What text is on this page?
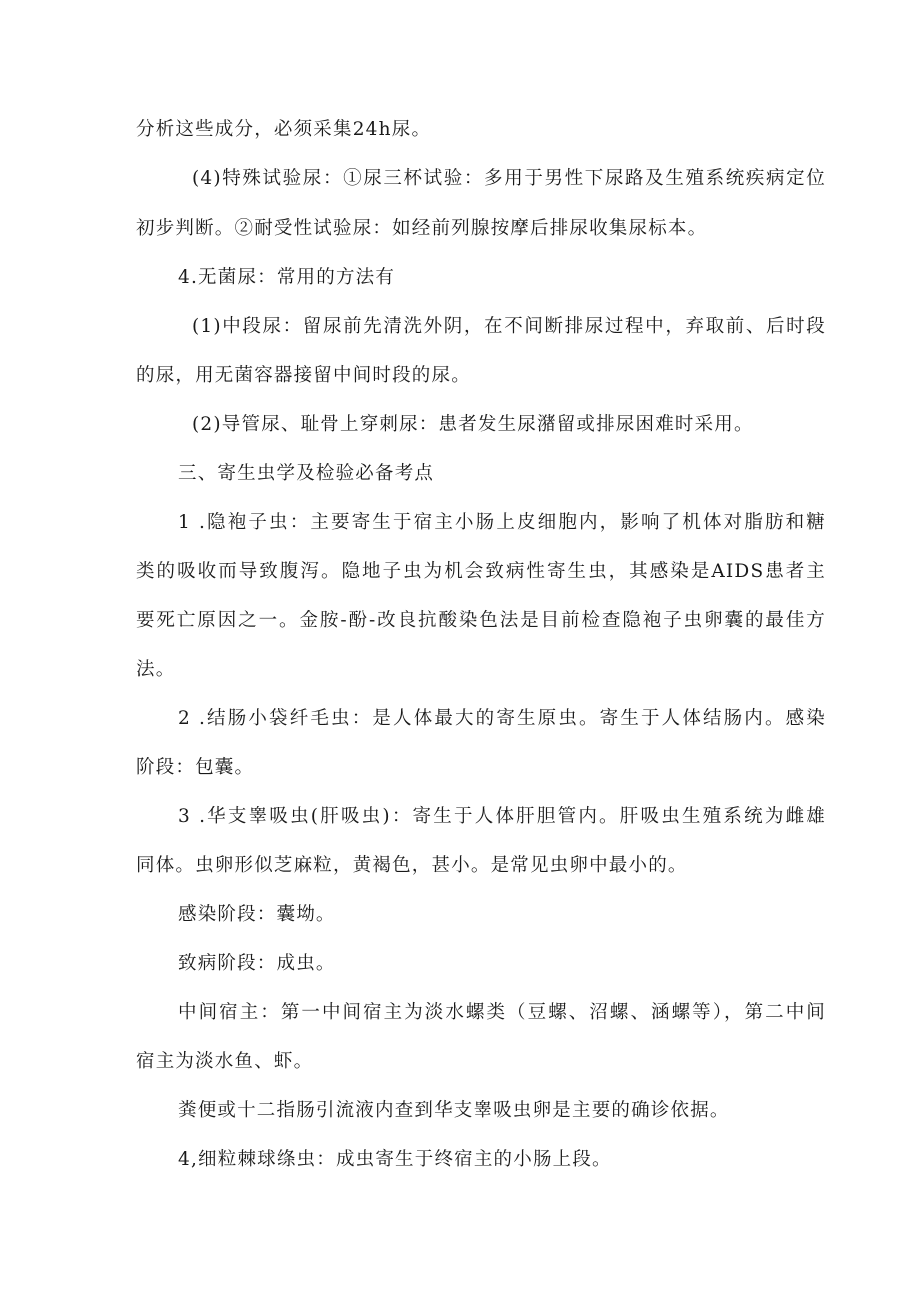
分析这些成分，必须采集24h尿。
(4)特殊试验尿：①尿三杯试验：多用于男性下尿路及生殖系统疾病定位
初步判断。②耐受性试验尿：如经前列腺按摩后排尿收集尿标本。
4.无菌尿：常用的方法有
(1)中段尿：留尿前先清洗外阴，在不间断排尿过程中，弃取前、后时段
的尿，用无菌容器接留中间时段的尿。
(2)导管尿、耻骨上穿刺尿：患者发生尿潴留或排尿困难时采用。
三、寄生虫学及检验必备考点
1 .隐袍子虫：主要寄生于宿主小肠上皮细胞内，影响了机体对脂肪和糖
类的吸收而导致腹泻。隐地子虫为机会致病性寄生虫，其感染是AIDS患者主
要死亡原因之一。金胺-酚-改良抗酸染色法是目前检查隐袍子虫卵囊的最佳方
法。
2 .结肠小袋纤毛虫：是人体最大的寄生原虫。寄生于人体结肠内。感染
阶段：包囊。
3 .华支睾吸虫(肝吸虫)：寄生于人体肝胆管内。肝吸虫生殖系统为雌雄
同体。虫卵形似芝麻粒，黄褐色，甚小。是常见虫卵中最小的。
感染阶段：囊坳。
致病阶段：成虫。
中间宿主：第一中间宿主为淡水螺类（豆螺、沼螺、涵螺等），第二中间
宿主为淡水鱼、虾。
粪便或十二指肠引流液内查到华支睾吸虫卵是主要的确诊依据。
4,细粒棘球绦虫：成虫寄生于终宿主的小肠上段。
